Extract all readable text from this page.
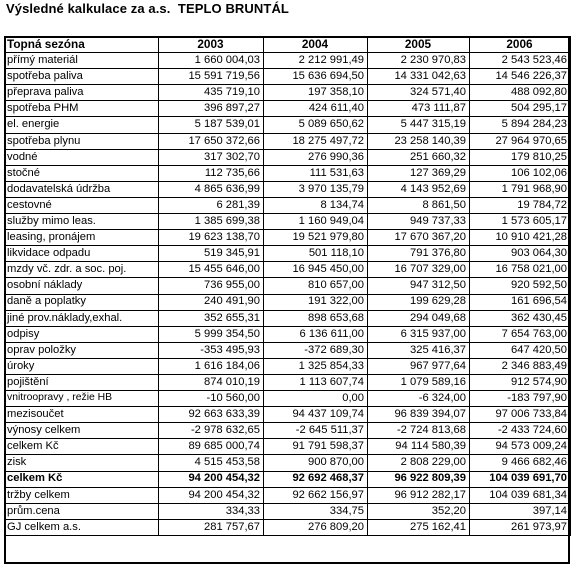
Výsledné kalkulace za a.s.  TEPLO BRUNTÁL
Topná sezóna	2003	2004	2005	2006
přímý materiál	1 660 004,03	2 212 991,49	2 230 970,83	2 543 523,46
spotřeba paliva	15 591 719,56	15 636 694,50	14 331 042,63	14 546 226,37
přeprava paliva	435 719,10	197 358,10	324 571,40	488 092,80
spotřeba PHM	396 897,27	424 611,40	473 111,87	504 295,17
el. energie	5 187 539,01	5 089 650,62	5 447 315,19	5 894 284,23
spotřeba plynu	17 650 372,66	18 275 497,72	23 258 140,39	27 964 970,65
vodné	317 302,70	276 990,36	251 660,32	179 810,25
stočné	112 735,66	111 531,63	127 369,29	106 102,06
dodavatelská údržba	4 865 636,99	3 970 135,79	4 143 952,69	1 791 968,90
cestovné	6 281,39	8 134,74	8 861,50	19 784,72
služby mimo leas.	1 385 699,38	1 160 949,04	949 737,33	1 573 605,17
leasing, pronájem	19 623 138,70	19 521 979,80	17 670 367,20	10 910 421,28
likvidace odpadu	519 345,91	501 118,10	791 376,80	903 064,30
mzdy vč. zdr. a soc. poj.	15 455 646,00	16 945 450,00	16 707 329,00	16 758 021,00
osobní náklady	736 955,00	810 657,00	947 312,50	920 592,50
daně a poplatky	240 491,90	191 322,00	199 629,28	161 696,54
jiné prov.náklady,exhal.	352 655,31	898 653,68	294 049,68	362 430,45
odpisy	5 999 354,50	6 136 611,00	6 315 937,00	7 654 763,00
oprav položky	-353 495,93	-372 689,30	325 416,37	647 420,50
úroky	1 616 184,06	1 325 854,33	967 977,64	2 346 883,49
pojištění	874 010,19	1 113 607,74	1 079 589,16	912 574,90
vnitroopravy , režie HB	-10 560,00	0,00	-6 324,00	-183 797,90
mezisoučet	92 663 633,39	94 437 109,74	96 839 394,07	97 006 733,84
výnosy celkem	-2 978 632,65	-2 645 511,37	-2 724 813,68	-2 433 724,60
celkem Kč	89 685 000,74	91 791 598,37	94 114 580,39	94 573 009,24
zisk	4 515 453,58	900 870,00	2 808 229,00	9 466 682,46
celkem Kč	94 200 454,32	92 692 468,37	96 922 809,39	104 039 691,70
tržby celkem	94 200 454,32	92 662 156,97	96 912 282,17	104 039 681,34
prům.cena	334,33	334,75	352,20	397,14
GJ celkem a.s.	281 757,67	276 809,20	275 162,41	261 973,97
